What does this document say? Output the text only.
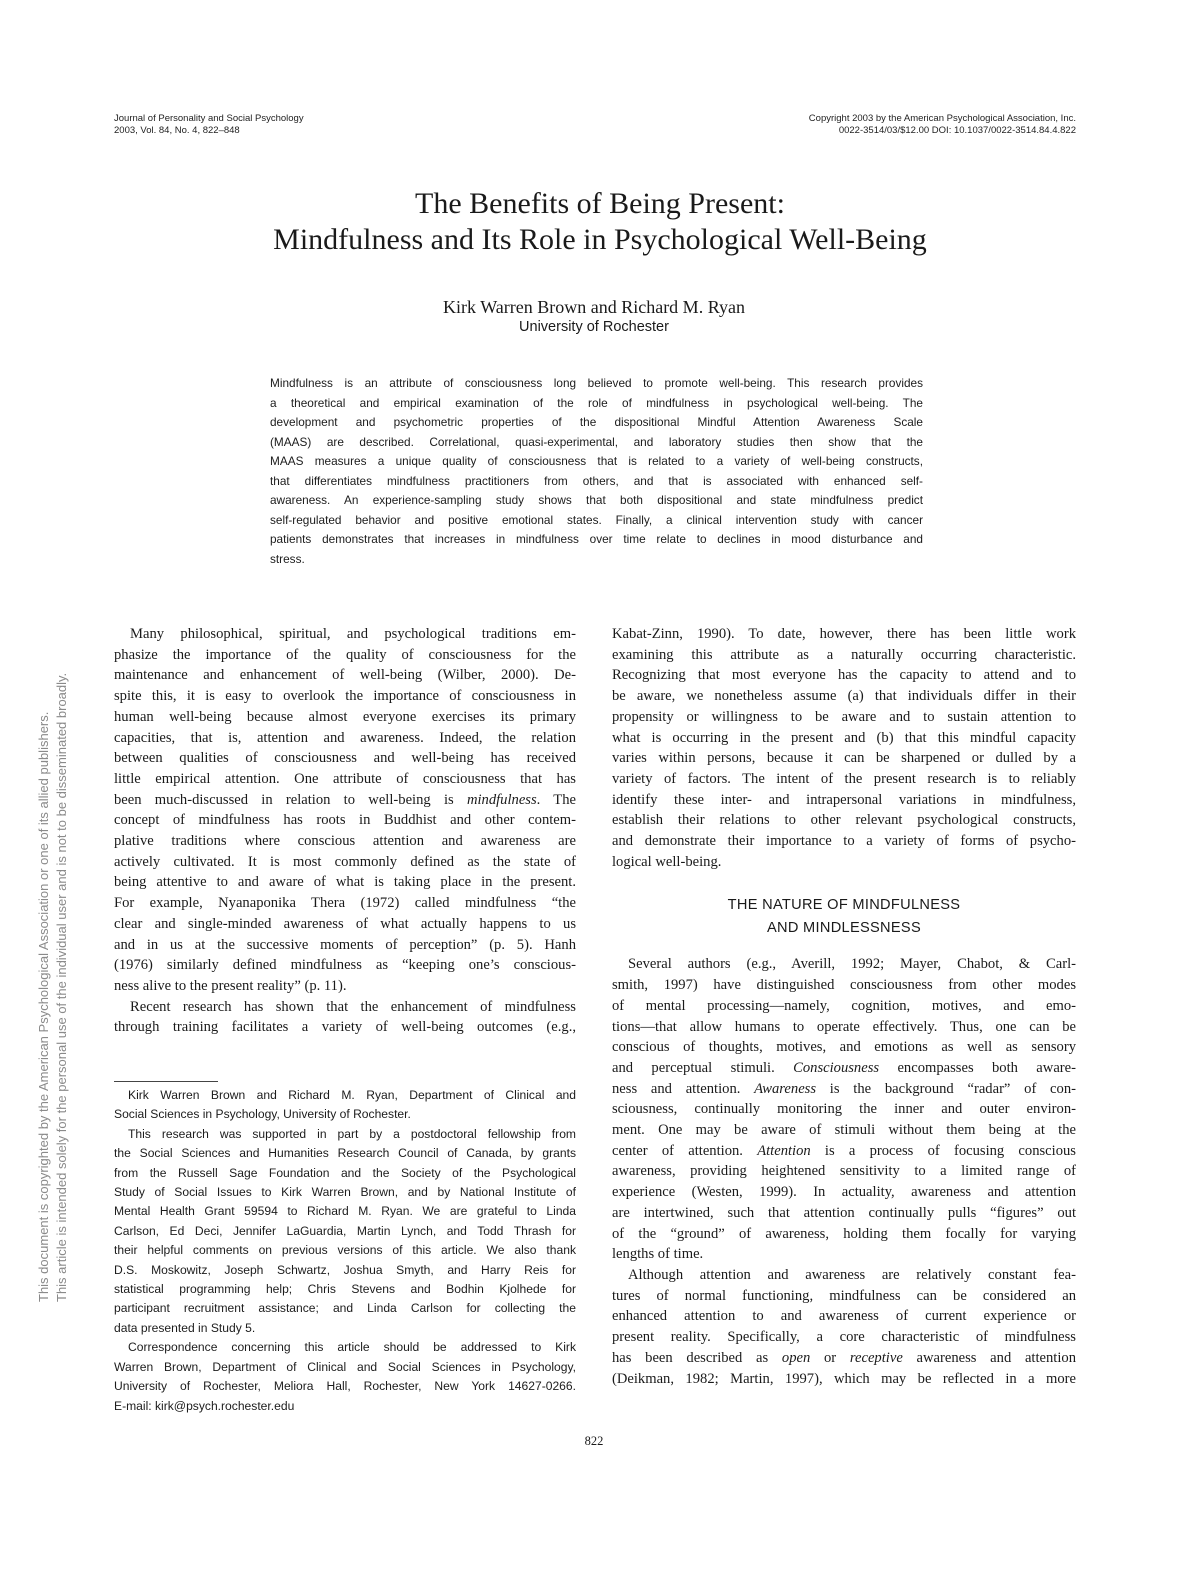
Journal of Personality and Social Psychology
2003, Vol. 84, No. 4, 822–848
Copyright 2003 by the American Psychological Association, Inc.
0022-3514/03/$12.00 DOI: 10.1037/0022-3514.84.4.822
The Benefits of Being Present:
Mindfulness and Its Role in Psychological Well-Being
Kirk Warren Brown and Richard M. Ryan
University of Rochester
Mindfulness is an attribute of consciousness long believed to promote well-being. This research provides
a theoretical and empirical examination of the role of mindfulness in psychological well-being. The
development and psychometric properties of the dispositional Mindful Attention Awareness Scale
(MAAS) are described. Correlational, quasi-experimental, and laboratory studies then show that the
MAAS measures a unique quality of consciousness that is related to a variety of well-being constructs,
that differentiates mindfulness practitioners from others, and that is associated with enhanced self-
awareness. An experience-sampling study shows that both dispositional and state mindfulness predict
self-regulated behavior and positive emotional states. Finally, a clinical intervention study with cancer
patients demonstrates that increases in mindfulness over time relate to declines in mood disturbance and
stress.
This document is copyrighted by the American Psychological Association or one of its allied publishers. This article is intended solely for the personal use of the individual user and is not to be disseminated broadly.
Many philosophical, spiritual, and psychological traditions em-
phasize the importance of the quality of consciousness for the
maintenance and enhancement of well-being (Wilber, 2000). De-
spite this, it is easy to overlook the importance of consciousness in
human well-being because almost everyone exercises its primary
capacities, that is, attention and awareness. Indeed, the relation
between qualities of consciousness and well-being has received
little empirical attention. One attribute of consciousness that has
been much-discussed in relation to well-being is mindfulness. The
concept of mindfulness has roots in Buddhist and other contem-
plative traditions where conscious attention and awareness are
actively cultivated. It is most commonly defined as the state of
being attentive to and aware of what is taking place in the present.
For example, Nyanaponika Thera (1972) called mindfulness “the
clear and single-minded awareness of what actually happens to us
and in us at the successive moments of perception” (p. 5). Hanh
(1976) similarly defined mindfulness as “keeping one’s conscious-
ness alive to the present reality” (p. 11).
Recent research has shown that the enhancement of mindfulness
through training facilitates a variety of well-being outcomes (e.g.,
Kirk Warren Brown and Richard M. Ryan, Department of Clinical and
Social Sciences in Psychology, University of Rochester.
This research was supported in part by a postdoctoral fellowship from
the Social Sciences and Humanities Research Council of Canada, by grants
from the Russell Sage Foundation and the Society of the Psychological
Study of Social Issues to Kirk Warren Brown, and by National Institute of
Mental Health Grant 59594 to Richard M. Ryan. We are grateful to Linda
Carlson, Ed Deci, Jennifer LaGuardia, Martin Lynch, and Todd Thrash for
their helpful comments on previous versions of this article. We also thank
D.S. Moskowitz, Joseph Schwartz, Joshua Smyth, and Harry Reis for
statistical programming help; Chris Stevens and Bodhin Kjolhede for
participant recruitment assistance; and Linda Carlson for collecting the
data presented in Study 5.
Correspondence concerning this article should be addressed to Kirk
Warren Brown, Department of Clinical and Social Sciences in Psychology,
University of Rochester, Meliora Hall, Rochester, New York 14627-0266.
E-mail: kirk@psych.rochester.edu
Kabat-Zinn, 1990). To date, however, there has been little work
examining this attribute as a naturally occurring characteristic.
Recognizing that most everyone has the capacity to attend and to
be aware, we nonetheless assume (a) that individuals differ in their
propensity or willingness to be aware and to sustain attention to
what is occurring in the present and (b) that this mindful capacity
varies within persons, because it can be sharpened or dulled by a
variety of factors. The intent of the present research is to reliably
identify these inter- and intrapersonal variations in mindfulness,
establish their relations to other relevant psychological constructs,
and demonstrate their importance to a variety of forms of psycho-
logical well-being.
THE NATURE OF MINDFULNESS
AND MINDLESSNESS
Several authors (e.g., Averill, 1992; Mayer, Chabot, & Carl-
smith, 1997) have distinguished consciousness from other modes
of mental processing—namely, cognition, motives, and emo-
tions—that allow humans to operate effectively. Thus, one can be
conscious of thoughts, motives, and emotions as well as sensory
and perceptual stimuli. Consciousness encompasses both aware-
ness and attention. Awareness is the background “radar” of con-
sciousness, continually monitoring the inner and outer environ-
ment. One may be aware of stimuli without them being at the
center of attention. Attention is a process of focusing conscious
awareness, providing heightened sensitivity to a limited range of
experience (Westen, 1999). In actuality, awareness and attention
are intertwined, such that attention continually pulls “figures” out
of the “ground” of awareness, holding them focally for varying
lengths of time.
Although attention and awareness are relatively constant fea-
tures of normal functioning, mindfulness can be considered an
enhanced attention to and awareness of current experience or
present reality. Specifically, a core characteristic of mindfulness
has been described as open or receptive awareness and attention
(Deikman, 1982; Martin, 1997), which may be reflected in a more
822
